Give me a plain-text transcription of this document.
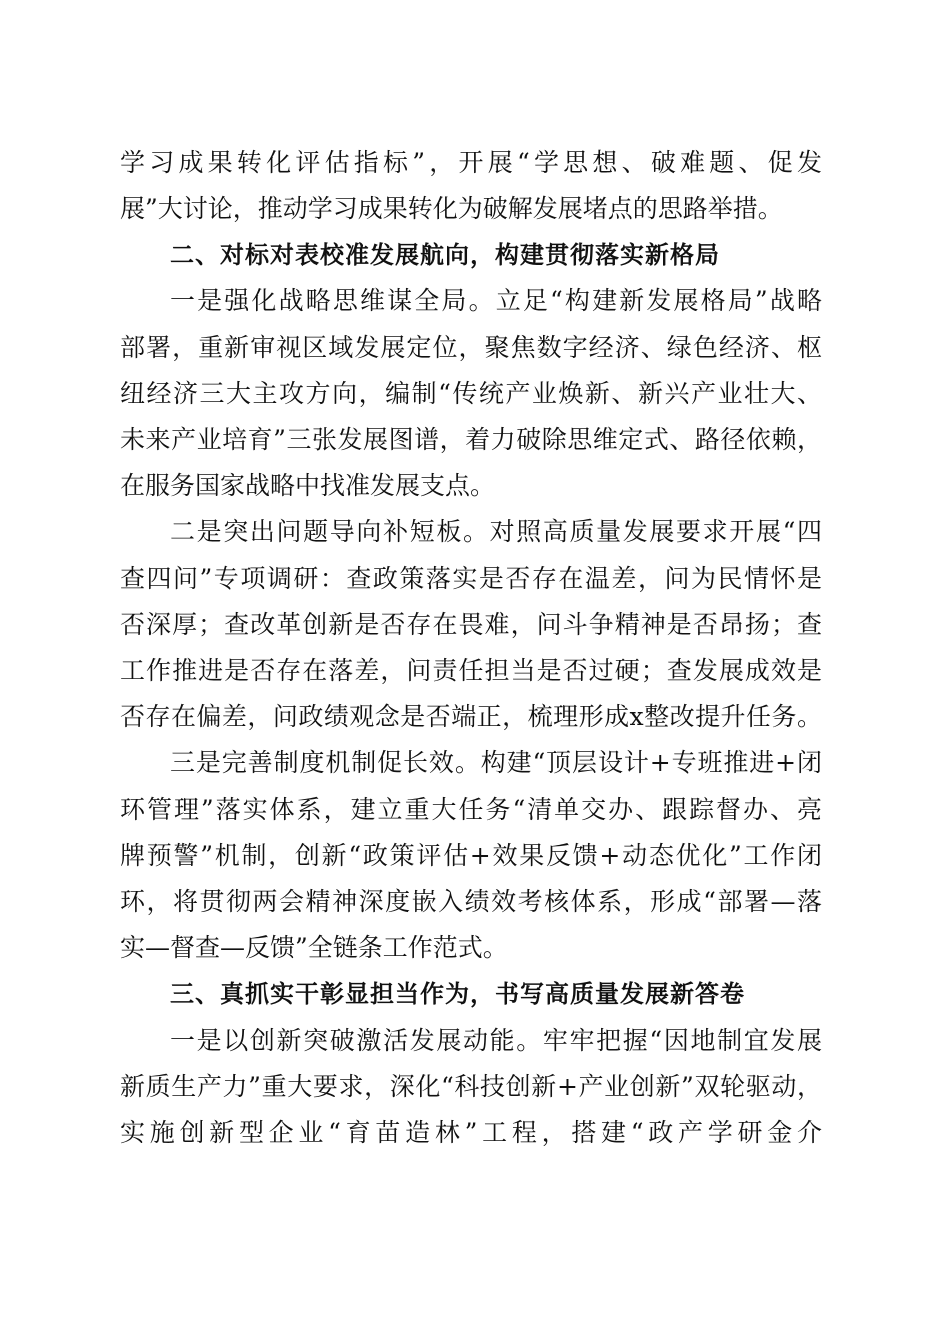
学习成果转化评估指标”，开展“学思想、破难题、促发
展”大讨论，推动学习成果转化为破解发展堵点的思路举措。
二、对标对表校准发展航向，构建贯彻落实新格局
一是强化战略思维谋全局。立足“构建新发展格局”战略
部署，重新审视区域发展定位，聚焦数字经济、绿色经济、枢
纽经济三大主攻方向，编制“传统产业焕新、新兴产业壮大、
未来产业培育”三张发展图谱，着力破除思维定式、路径依赖，
在服务国家战略中找准发展支点。
二是突出问题导向补短板。对照高质量发展要求开展“四
查四问”专项调研：查政策落实是否存在温差，问为民情怀是
否深厚；查改革创新是否存在畏难，问斗争精神是否昂扬；查
工作推进是否存在落差，问责任担当是否过硬；查发展成效是
否存在偏差，问政绩观念是否端正，梳理形成x整改提升任务。
三是完善制度机制促长效。构建“顶层设计+专班推进+闭
环管理”落实体系，建立重大任务“清单交办、跟踪督办、亮
牌预警”机制，创新“政策评估+效果反馈+动态优化”工作闭
环，将贯彻两会精神深度嵌入绩效考核体系，形成“部署—落
实—督查—反馈”全链条工作范式。
三、真抓实干彰显担当作为，书写高质量发展新答卷
一是以创新突破激活发展动能。牢牢把握“因地制宜发展
新质生产力”重大要求，深化“科技创新+产业创新”双轮驱动，
实施创新型企业“育苗造林”工程，搭建“政产学研金介
